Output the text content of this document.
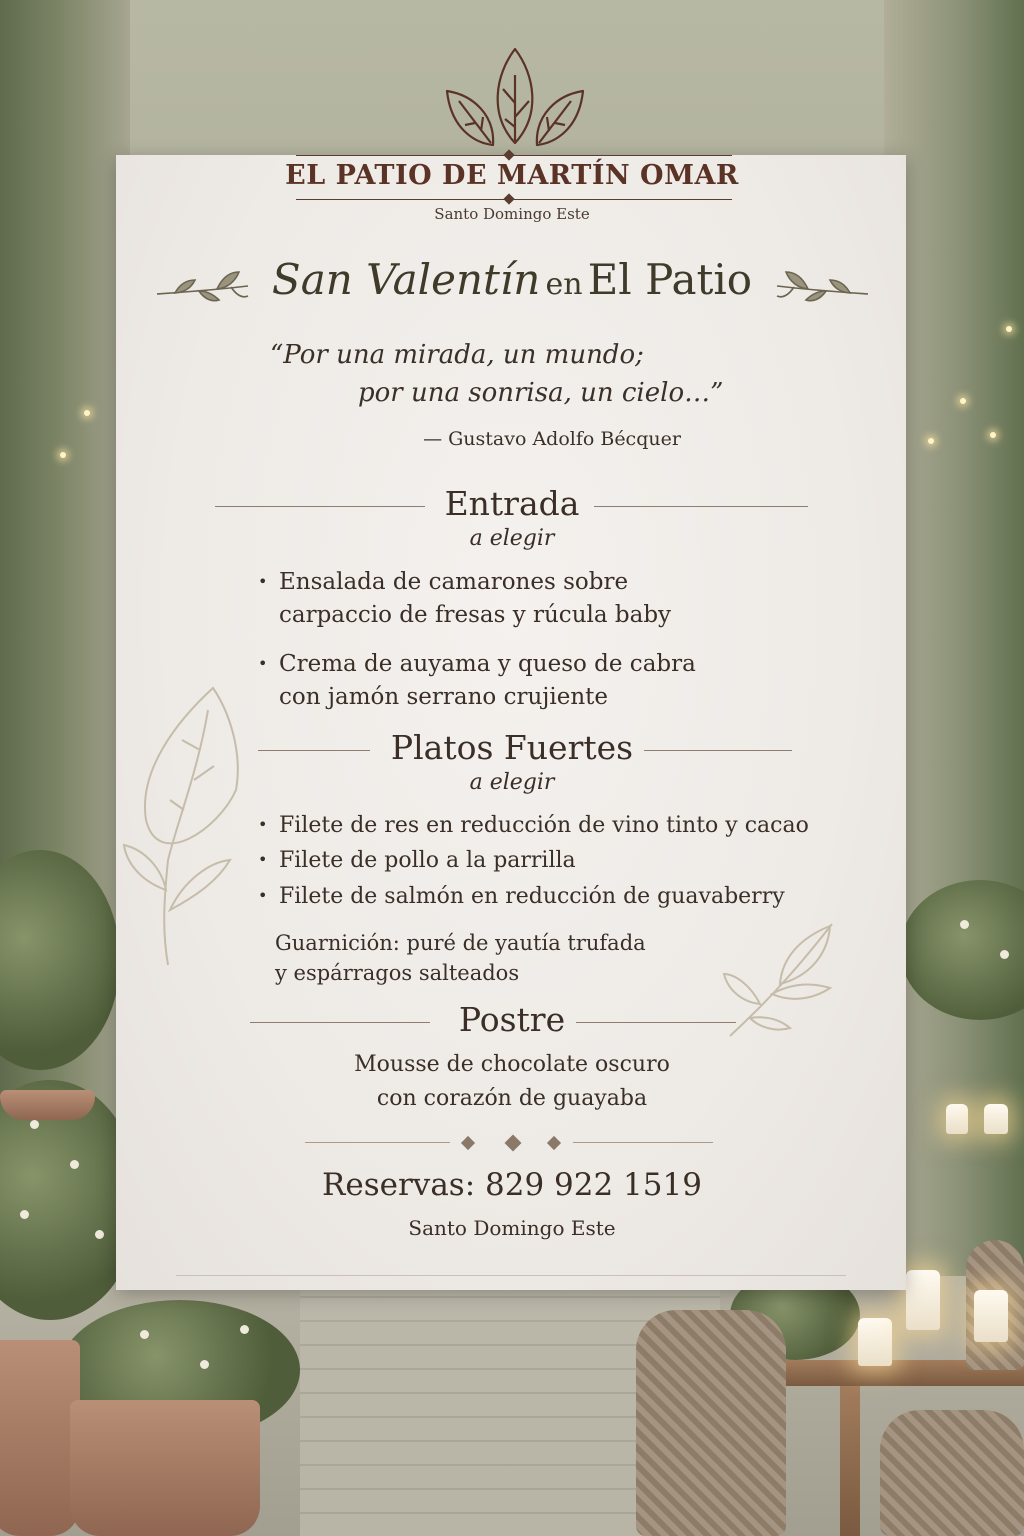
EL PATIO DE MARTÍN OMAR
Santo Domingo Este
San Valentín en El Patio
“Por una mirada, un mundo;
por una sonrisa, un cielo…”
— Gustavo Adolfo Bécquer
Entrada
a elegir
• Ensalada de camarones sobre
carpaccio de fresas y rúcula baby
• Crema de auyama y queso de cabra
con jamón serrano crujiente
Platos Fuertes
a elegir
• Filete de res en reducción de vino tinto y cacao
• Filete de pollo a la parrilla
• Filete de salmón en reducción de guavaberry
Guarnición: puré de yautía trufada
y espárragos salteados
Postre
Mousse de chocolate oscuro
con corazón de guayaba
Reservas: 829 922 1519
Santo Domingo Este
